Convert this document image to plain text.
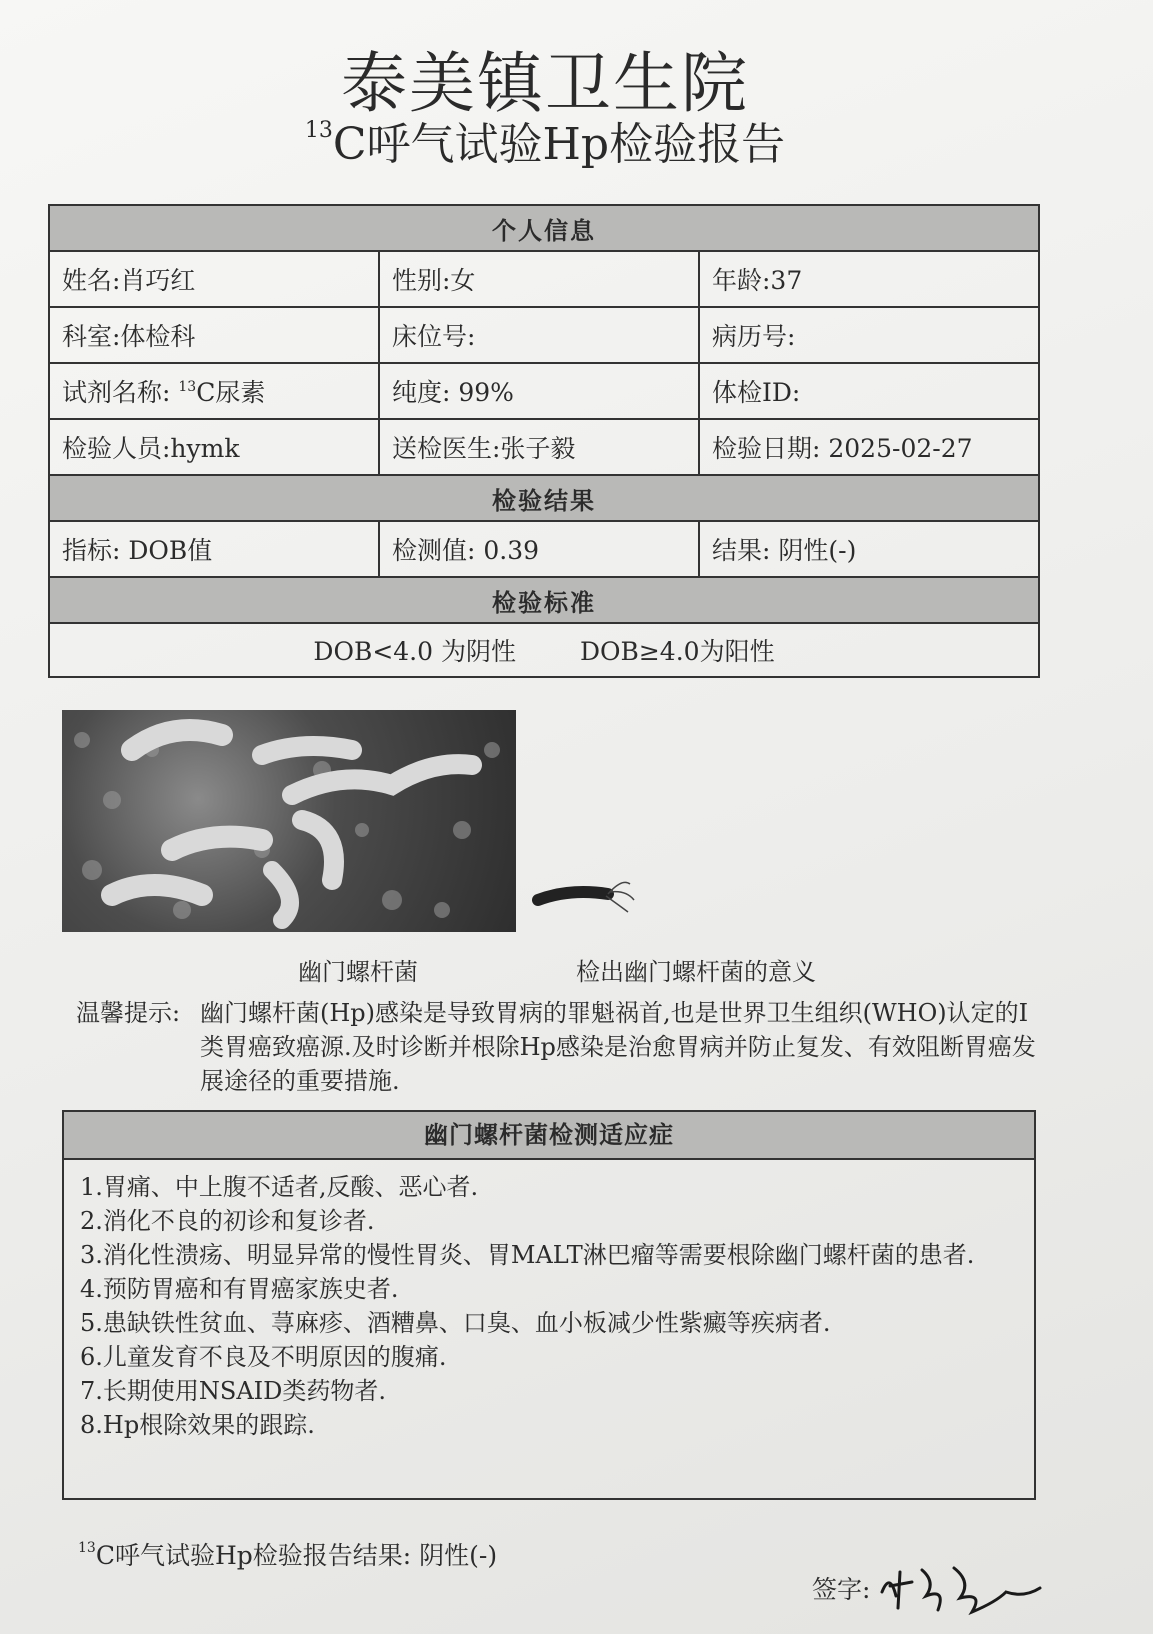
泰美镇卫生院
$^{13}$C呼气试验Hp检验报告
个人信息		
姓名:肖巧红	性别:女	年龄:37
科室:体检科	床位号:	病历号:
试剂名称: $^{13}$C尿素	纯度: 99%	体检ID:
检验人员:hymk	送检医生:张子毅	检验日期: 2025-02-27
检验结果		
指标: DOB值	检测值: 0.39	结果: 阴性(-)
检验标准		
DOB<4.0 为阴性 DOB≥4.0为阳性		
幽门螺杆菌	检出幽门螺杆菌的意义
温馨提示: 幽门螺杆菌(Hp)感染是导致胃病的罪魁祸首,也是世界卫生组织(WHO)认定的I类胃癌致癌源.及时诊断并根除Hp感染是治愈胃病并防止复发、有效阻断胃癌发展途径的重要措施.
幽门螺杆菌检测适应症
1.胃痛、中上腹不适者,反酸、恶心者.
2.消化不良的初诊和复诊者.
3.消化性溃疡、明显异常的慢性胃炎、胃MALT淋巴瘤等需要根除幽门螺杆菌的患者.
4.预防胃癌和有胃癌家族史者.
5.患缺铁性贫血、荨麻疹、酒糟鼻、口臭、血小板减少性紫癜等疾病者.
6.儿童发育不良及不明原因的腹痛.
7.长期使用NSAID类药物者.
8.Hp根除效果的跟踪.
$^{13}$C呼气试验Hp检验报告结果: 阴性(-)
签字:
